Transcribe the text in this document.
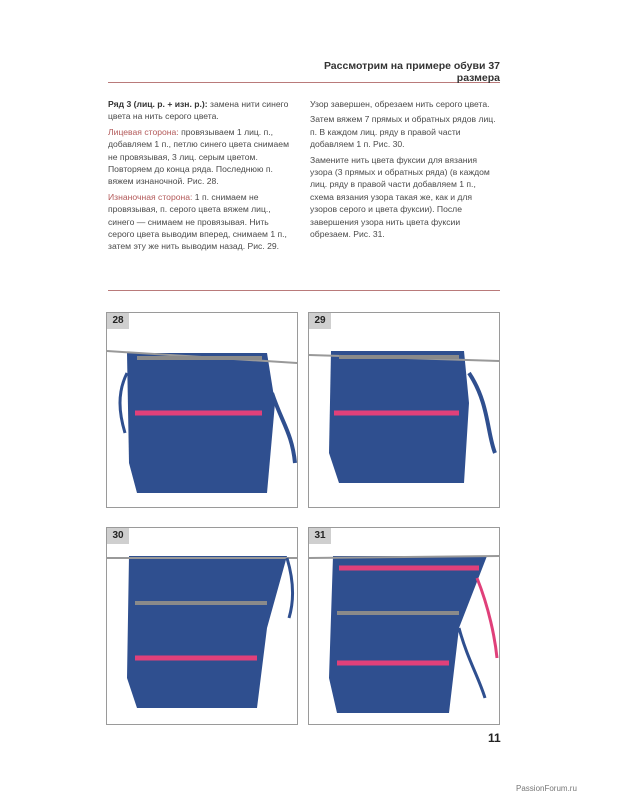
Рассмотрим на примере обуви 37 размера

Ряд 3 (лиц. р. + изн. р.): замена нити синего цвета на нить серого цвета.

Лицевая сторона: провязываем 1 лиц. п., добавляем 1 п., петлю синего цвета снимаем не провязывая, 3 лиц. серым цветом. Повторяем до конца ряда. Последнюю п. вяжем изнаночной. Рис. 28.

Изнаночная сторона: 1 п. снимаем не провязывая, п. серого цвета вяжем лиц., синего — снимаем не провязывая. Нить серого цвета выводим вперед, снимаем 1 п., затем эту же нить выводим назад. Рис. 29.

Узор завершен, обрезаем нить серого цвета.

Затем вяжем 7 прямых и обратных рядов лиц. п. В каждом лиц. ряду в правой части добавляем 1 п. Рис. 30.

Замените нить цвета фуксии для вязания узора (3 прямых и обратных ряда) (в каждом лиц. ряду в правой части добавляем 1 п., схема вязания узора такая же, как и для узоров серого и цвета фуксии). После завершения узора нить цвета фуксии обрезаем. Рис. 31.

28	29
30	31
11
PassionForum.ru
